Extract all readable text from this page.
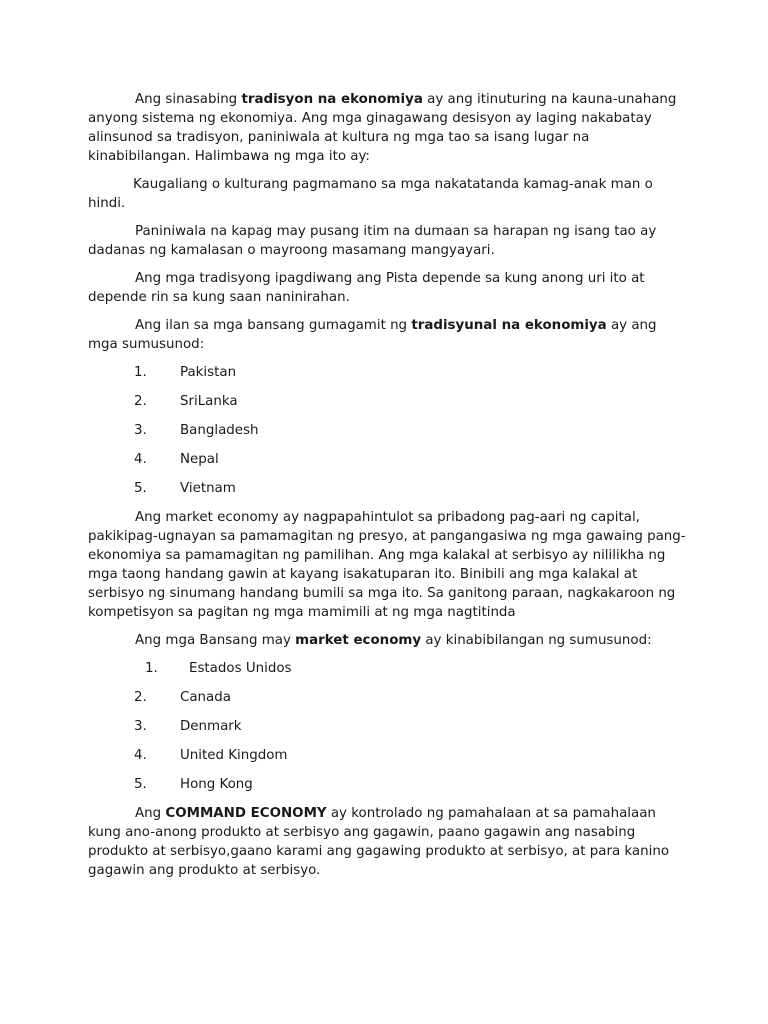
Ang sinasabing tradisyon na ekonomiya ay ang itinuturing na kauna-unahang anyong sistema ng ekonomiya. Ang mga ginagawang desisyon ay laging nakabatay alinsunod sa tradisyon, paniniwala at kultura ng mga tao sa isang lugar na kinabibilangan. Halimbawa ng mga ito ay:

Kaugaliang o kulturang pagmamano sa mga nakatatanda kamag-anak man o hindi.

Paniniwala na kapag may pusang itim na dumaan sa harapan ng isang tao ay dadanas ng kamalasan o mayroong masamang mangyayari.

Ang mga tradisyong ipagdiwang ang Pista depende sa kung anong uri ito at depende rin sa kung saan naninirahan.

Ang ilan sa mga bansang gumagamit ng tradisyunal na ekonomiya ay ang mga sumusunod:

1.	Pakistan
2.	SriLanka
3.	Bangladesh
4.	Nepal
5.	Vietnam

Ang market economy ay nagpapahintulot sa pribadong pag-aari ng capital, pakikipag-ugnayan sa pamamagitan ng presyo, at pangangasiwa ng mga gawaing pang-ekonomiya sa pamamagitan ng pamilihan. Ang mga kalakal at serbisyo ay nililikha ng mga taong handang gawin at kayang isakatuparan ito. Binibili ang mga kalakal at serbisyo ng sinumang handang bumili sa mga ito. Sa ganitong paraan, nagkakaroon ng kompetisyon sa pagitan ng mga mamimili at ng mga nagtitinda

Ang mga Bansang may market economy ay kinabibilangan ng sumusunod:

1.	Estados Unidos
2.	Canada
3.	Denmark
4.	United Kingdom
5.	Hong Kong

Ang COMMAND ECONOMY ay kontrolado ng pamahalaan at sa pamahalaan kung ano-anong produkto at serbisyo ang gagawin, paano gagawin ang nasabing produkto at serbisyo,gaano karami ang gagawing produkto at serbisyo, at para kanino gagawin ang produkto at serbisyo.
